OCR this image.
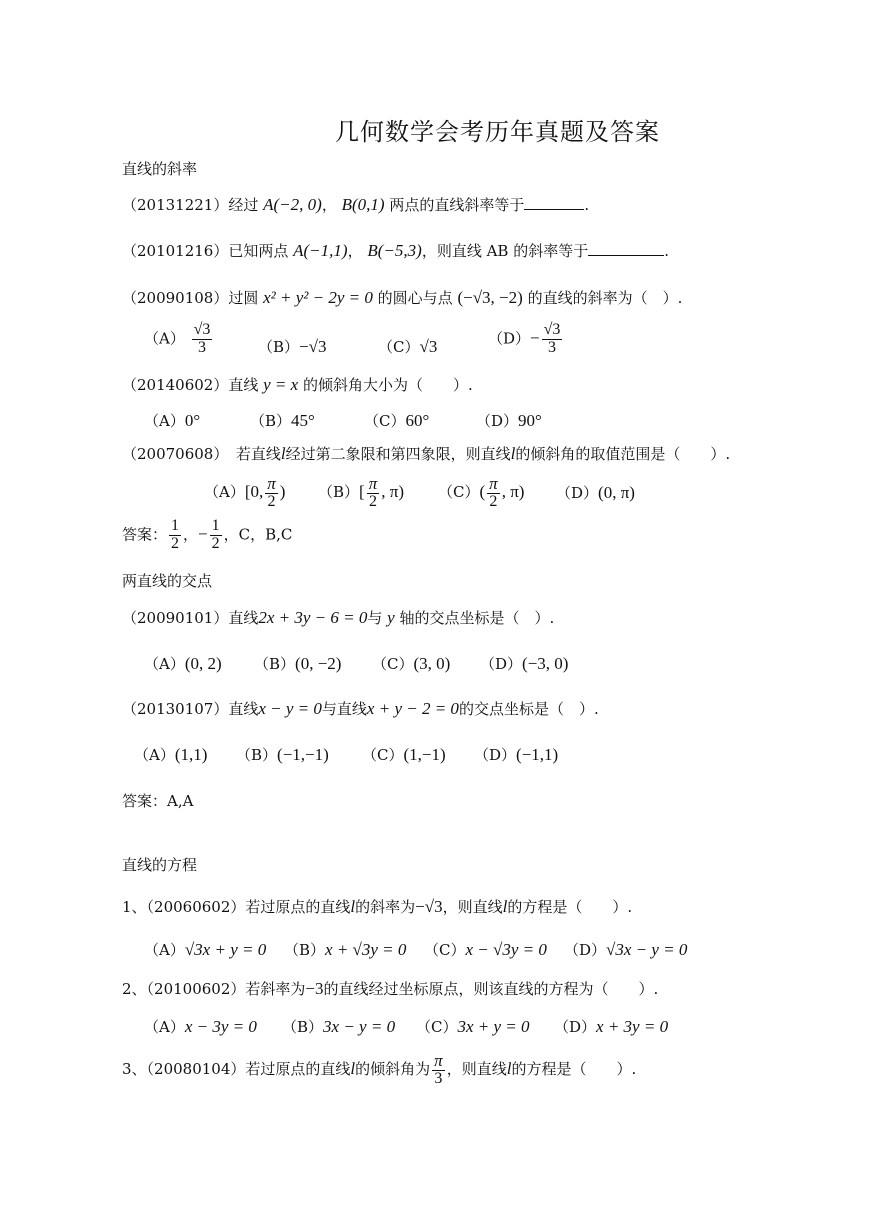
几何数学会考历年真题及答案
直线的斜率
（20131221）经过 A(−2, 0)， B(0,1) 两点的直线斜率等于	.
（20101216）已知两点 A(−1,1)， B(−5,3)，则直线 AB 的斜率等于	.
（20090108）过圆 x² + y² − 2y = 0 的圆心与点 (−√3, −2) 的直线的斜率为（　）.
$(A) \frac{√3}{3}$	（B）−√3	（C）√3	$(D)- \frac{√3}{3}$
（20140602）直线 y = x 的倾斜角大小为（　　）.
（A）0°	（B）45°	（C）60°	（D）90°
（20070608）　若直线l经过第二象限和第四象限，则直线l的倾斜角的取值范围是（　　）.
（A）[0, $\frac{\pi}{2}$ ) $(B)[ \frac{\pi}{2}$ , π) $(C)( \frac{\pi}{2}$ , π) （D）(0, π)
答案： $\frac{1}{2}$ ，− $\frac{1}{2}$ ，C，B,C
两直线的交点
（20090101）直线2x + 3y − 6 = 0与 y 轴的交点坐标是（　）.
（A）(0, 2) （B）(0, −2) （C）(3, 0) （D）(−3, 0)
（20130107）直线x − y = 0与直线x + y − 2 = 0的交点坐标是（　）.
（A）(1,1) （B）(−1,−1) （C）(1,−1) （D）(−1,1)
答案：A,A
直线的方程
1、（20060602）若过原点的直线l的斜率为−√3，则直线l的方程是（　　）.
（A）√3x + y = 0 （B）x + √3y = 0 （C）x − √3y = 0 （D）√3x − y = 0
2、（20100602）若斜率为−3的直线经过坐标原点，则该直线的方程为（　　）.
（A）x − 3y = 0 （B）3x − y = 0 （C）3x + y = 0 （D）x + 3y = 0
3、（20080104）若过原点的直线l的倾斜角为 $\frac{\pi}{3}$ ，则直线l的方程是（　　）.
